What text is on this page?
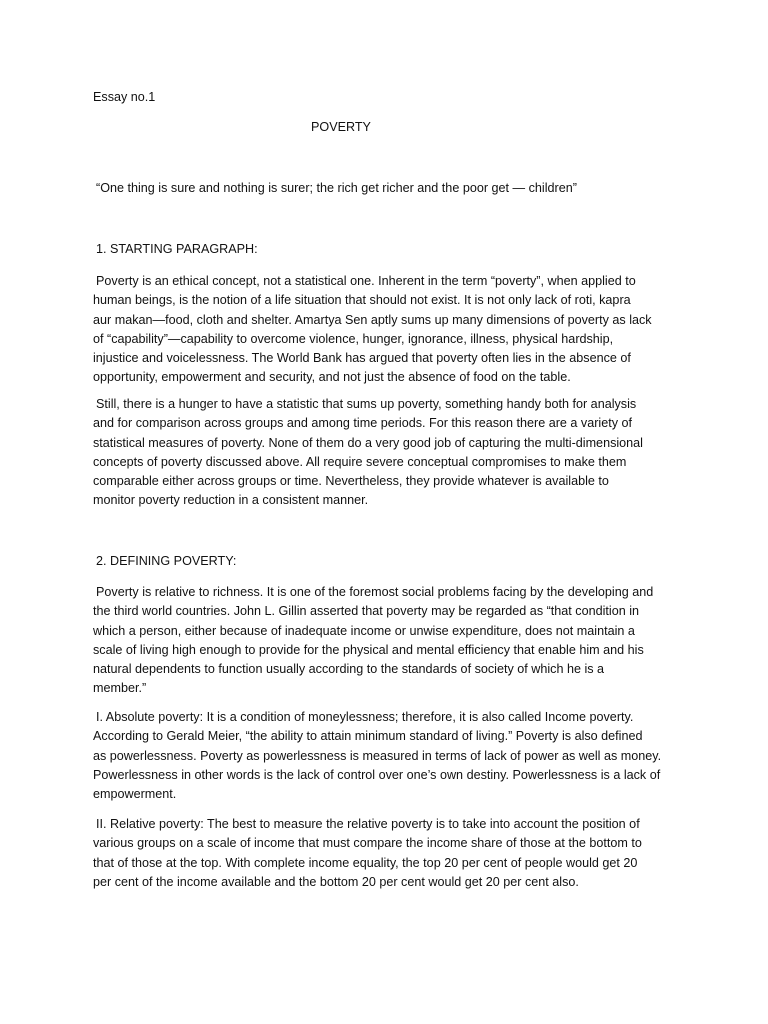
Essay no.1

POVERTY

“One thing is sure and nothing is surer; the rich get richer and the poor get — children”

1. STARTING PARAGRAPH:

Poverty is an ethical concept, not a statistical one. Inherent in the term “poverty”, when applied to
human beings, is the notion of a life situation that should not exist. It is not only lack of roti, kapra
aur makan—food, cloth and shelter. Amartya Sen aptly sums up many dimensions of poverty as lack
of “capability”—capability to overcome violence, hunger, ignorance, illness, physical hardship,
injustice and voicelessness. The World Bank has argued that poverty often lies in the absence of
opportunity, empowerment and security, and not just the absence of food on the table.
Still, there is a hunger to have a statistic that sums up poverty, something handy both for analysis
and for comparison across groups and among time periods. For this reason there are a variety of
statistical measures of poverty. None of them do a very good job of capturing the multi-dimensional
concepts of poverty discussed above. All require severe conceptual compromises to make them
comparable either across groups or time. Nevertheless, they provide whatever is available to
monitor poverty reduction in a consistent manner.

2. DEFINING POVERTY:

Poverty is relative to richness. It is one of the foremost social problems facing by the developing and
the third world countries. John L. Gillin asserted that poverty may be regarded as “that condition in
which a person, either because of inadequate income or unwise expenditure, does not maintain a
scale of living high enough to provide for the physical and mental efficiency that enable him and his
natural dependents to function usually according to the standards of society of which he is a
member.”
I. Absolute poverty: It is a condition of moneylessness; therefore, it is also called Income poverty.
According to Gerald Meier, “the ability to attain minimum standard of living.” Poverty is also defined
as powerlessness. Poverty as powerlessness is measured in terms of lack of power as well as money.
Powerlessness in other words is the lack of control over one’s own destiny. Powerlessness is a lack of
empowerment.
II. Relative poverty: The best to measure the relative poverty is to take into account the position of
various groups on a scale of income that must compare the income share of those at the bottom to
that of those at the top. With complete income equality, the top 20 per cent of people would get 20
per cent of the income available and the bottom 20 per cent would get 20 per cent also.
